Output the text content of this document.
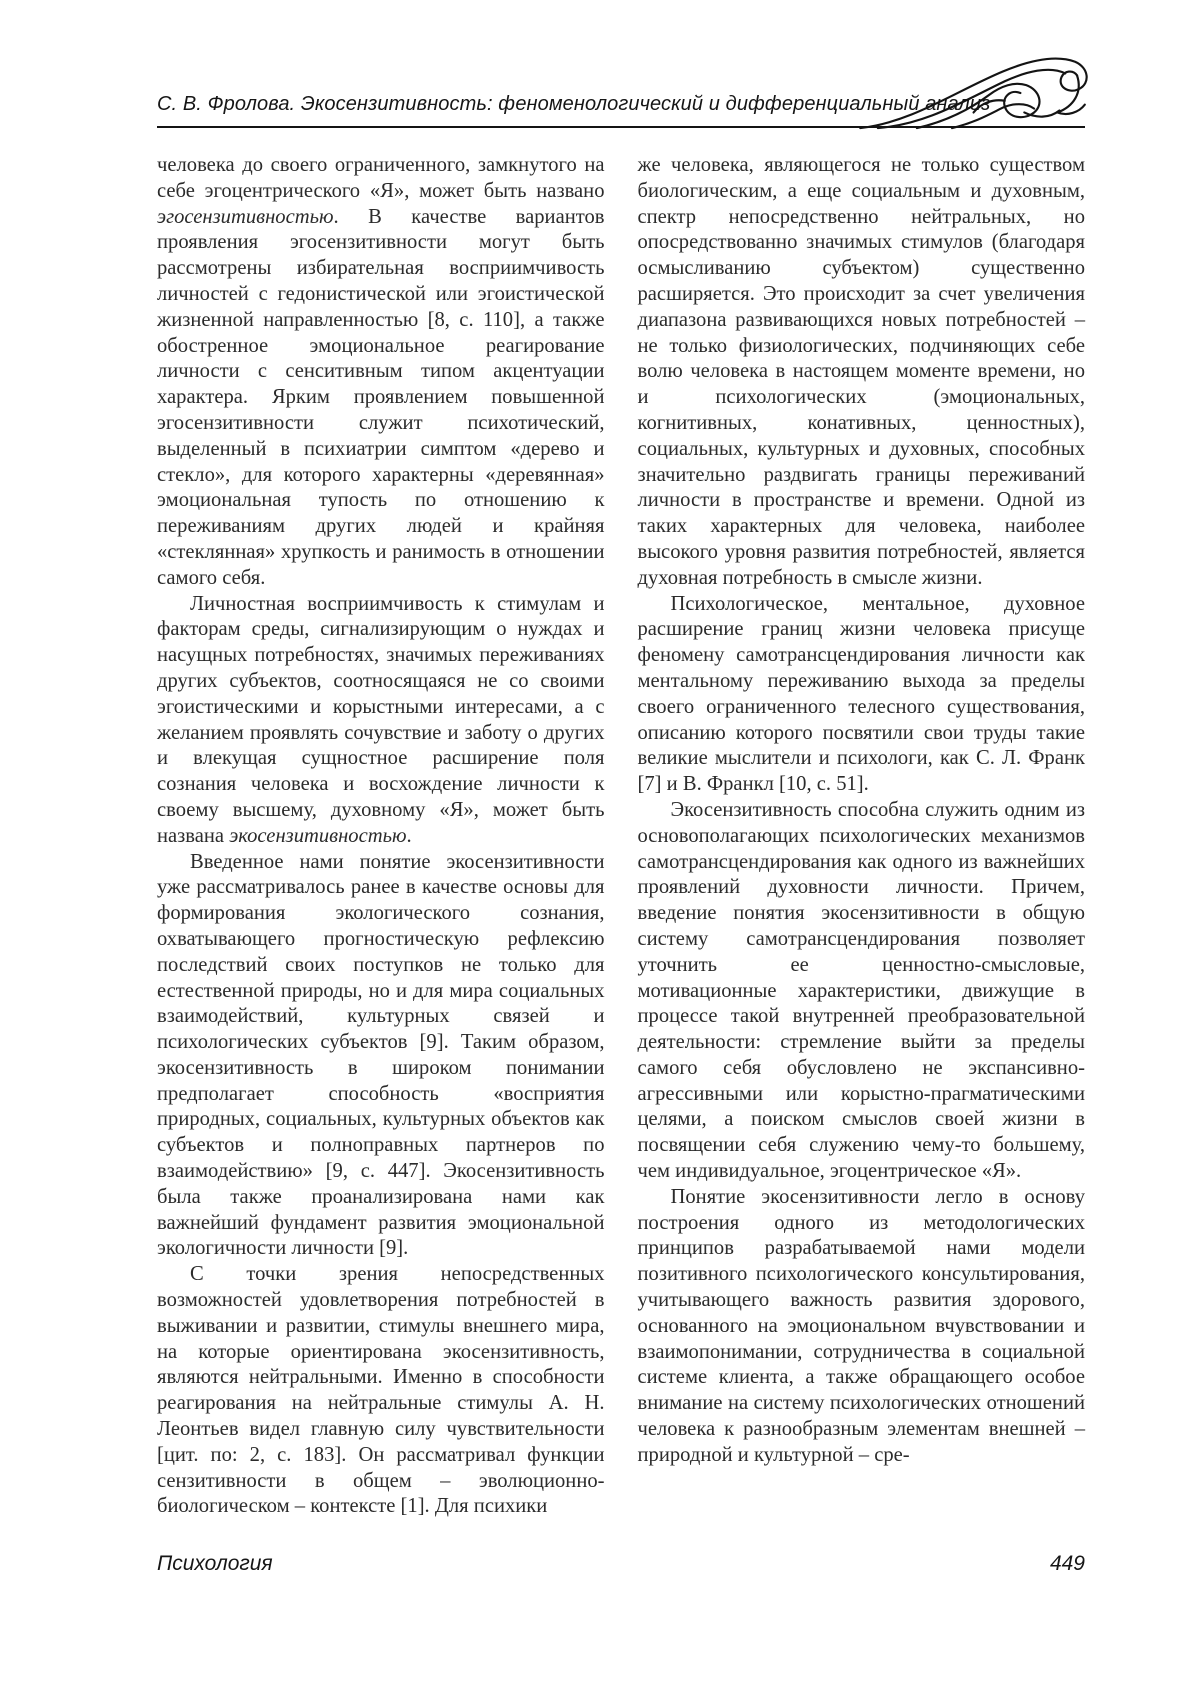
С. В. Фролова. Экосензитивность: феноменологический и дифференциальный анализ

человека до своего ограниченного, замкнутого на себе эгоцентрического «Я», может быть названо эгосензитивностью. В качестве вариантов проявления эгосензитивности могут быть рассмотрены избирательная восприимчивость личностей с гедонистической или эгоистической жизненной направленностью [8, с. 110], а также обостренное эмоциональное реагирование личности с сенситивным типом акцентуации характера. Ярким проявлением повышенной эгосензитивности служит психотический, выделенный в психиатрии симптом «дерево и стекло», для которого характерны «деревянная» эмоциональная тупость по отношению к переживаниям других людей и крайняя «стеклянная» хрупкость и ранимость в отношении самого себя.

Личностная восприимчивость к стимулам и факторам среды, сигнализирующим о нуждах и насущных потребностях, значимых переживаниях других субъектов, соотносящаяся не со своими эгоистическими и корыстными интересами, а с желанием проявлять сочувствие и заботу о других и влекущая сущностное расширение поля сознания человека и восхождение личности к своему высшему, духовному «Я», может быть названа экосензитивностью.

Введенное нами понятие экосензитивности уже рассматривалось ранее в качестве основы для формирования экологического сознания, охватывающего прогностическую рефлексию последствий своих поступков не только для естественной природы, но и для мира социальных взаимодействий, культурных связей и психологических субъектов [9]. Таким образом, экосензитивность в широком понимании предполагает способность «восприятия природных, социальных, культурных объектов как субъектов и полноправных партнеров по взаимодействию» [9, с. 447]. Экосензитивность была также проанализирована нами как важнейший фундамент развития эмоциональной экологичности личности [9].

С точки зрения непосредственных возможностей удовлетворения потребностей в выживании и развитии, стимулы внешнего мира, на которые ориентирована экосензитивность, являются нейтральными. Именно в способности реагирования на нейтральные стимулы А. Н. Леонтьев видел главную силу чувствительности [цит. по: 2, с. 183]. Он рассматривал функции сензитивности в общем – эволюционно-биологическом – контексте [1]. Для психики

же человека, являющегося не только существом биологическим, а еще социальным и духовным, спектр непосредственно нейтральных, но опосредствованно значимых стимулов (благодаря осмысливанию субъектом) существенно расширяется. Это происходит за счет увеличения диапазона развивающихся новых потребностей – не только физиологических, подчиняющих себе волю человека в настоящем моменте времени, но и психологических (эмоциональных, когнитивных, конативных, ценностных), социальных, культурных и духовных, способных значительно раздвигать границы переживаний личности в пространстве и времени. Одной из таких характерных для человека, наиболее высокого уровня развития потребностей, является духовная потребность в смысле жизни.

Психологическое, ментальное, духовное расширение границ жизни человека присуще феномену самотрансцендирования личности как ментальному переживанию выхода за пределы своего ограниченного телесного существования, описанию которого посвятили свои труды такие великие мыслители и психологи, как С. Л. Франк [7] и В. Франкл [10, с. 51].

Экосензитивность способна служить одним из основополагающих психологических механизмов самотрансцендирования как одного из важнейших проявлений духовности личности. Причем, введение понятия экосензитивности в общую систему самотрансцендирования позволяет уточнить ее ценностно-смысловые, мотивационные характеристики, движущие в процессе такой внутренней преобразовательной деятельности: стремление выйти за пределы самого себя обусловлено не экспансивно-агрессивными или корыстно-прагматическими целями, а поиском смыслов своей жизни в посвящении себя служению чему-то большему, чем индивидуальное, эгоцентрическое «Я».

Понятие экосензитивности легло в основу построения одного из методологических принципов разрабатываемой нами модели позитивного психологического консультирования, учитывающего важность развития здорового, основанного на эмоциональном вчувствовании и взаимопонимании, сотрудничества в социальной системе клиента, а также обращающего особое внимание на систему психологических отношений человека к разнообразным элементам внешней – природной и культурной – сре-

Психология	449
